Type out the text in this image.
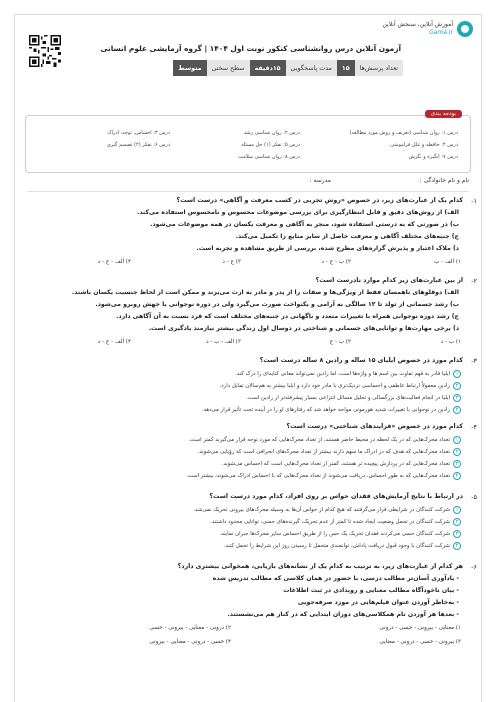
آموزش آنلاین، سنجش آنلاین
Gama.ir
آزمون آنلاین درس روانشناسی کنکور نوبت اول ۱۴۰۴ | گروه آزمایشی علوم انسانی
تعداد پرسش‌ها
۱۵
مدت پاسخگویی
۱۵دقیقه
سطح سختی
متوسط
بودجه بندی
درس ۱: روان شناسی (تعریف و روش مورد مطالعه)
درس ۲: روان شناسی رشد
درس ۳: احساس، توجه، ادراک
درس ۴: حافظه و علل فراموشی
درس ۵: تفکر (۱) حل مسئله
درس ۶: تفکر (۲) تصمیم گیری
درس ۷: انگیزه و نگرش
درس ۸: روان شناسی سلامت
نام و نام خانوادگی :
مدرسه :
۱-
کدام یک از عبارت‌های زیر، در خصوص «روش تجربی در کسب معرفت و آگاهی» درست است؟
الف) از روش‌های دقیق و قابل انتظارگیری برای بررسی موضوعات محسوس و نامحسوس استفاده می‌کند.
ب) در صورتی که به درستی استفاده شود، منجر به آگاهی و معرفت یکسان در همه موضوعات می‌شود.
ج) جنبه‌های مختلف آگاهی و معرفت حاصل از سایر منابع را تکمیل می‌کند.
د) ملاک اعتبار و پذیرش گزاره‌های مطرح شده، بررسی از طریق مشاهده و تجربه است.
۱) الف - ب
۲) ب - ج - د
۳) ج - د
۴) الف - ج - د
۲-
از بین عبارت‌های زیر کدام موارد نادرست است؟
الف) دوقلوهای ناهمسان فقط از ویژگی‌ها و صفات را از پدر و مادر به ارث می‌برند و ممکن است از لحاظ جنسیت یکسان باشند.
ب) رشد جسمانی از تولد تا ۱۲ سالگی به آرامی و یکنواخت صورت می‌گیرد ولی در دوره نوجوانی با جهش روبرو می‌شود.
ج) رشد دوره نوجوانی همراه با تغییرات متعدد و ناگهانی در جنبه‌های مختلف است که فرد نسبت به آن آگاهی دارد.
د) برخی مهارت‌ها و توانایی‌های جسمانی و شناختی در دوسال اول زندگی بیشتر نیازمند یادگیری است.
۱) ب - د
۲) ب - ج
۳) الف - ب - د
۴) الف - ج - د
۳-
کدام مورد در خصوص ایلیای ۱۵ ساله و رادین ۸ ساله درست است؟
۱
ایلیا قادر به فهم تفاوت بین اسم ‌ها و واژه‌ها است، اما رادین نمی‌تواند معانی کنایه‌ای را درک کند.
۲
رادین معمولاً ارتباط عاطفی و احساسی نزدیک‌تری با مادر خود دارد و ایلیا بیشتر به هم‌سالان تمایل دارد.
۳
ایلیا در انجام فعالیت‌های بزرگسالی و تحلیل مسائل انتزاعی بسیار پیشرفته‌تر از رادین است.
۴
رادین در نوجوانی با تغییرات شدید هورمونی مواجه خواهد شد که رفتارهای او را در آینده تحت تأثیر قرار می‌دهد.
۴-
کدام مورد در خصوص «فرایندهای شناختی» درست است؟
۱
تعداد محرک‌هایی که در یک لحظه در محیط حاضر هستند، از تعداد محرک‌هایی که مورد توجه قرار می‌گیرند کمتر است.
۲
تعداد محرک‌هایی که هدف که در ادراک ما سهم دارند بیشتر از تعداد محرک‌های انحرافی است که رؤیایی می‌شوند.
۳
تعداد محرک‌هایی که در پردازش پیچیده تر هستند، کمتر از تعداد محرک‌هایی است که احساس می‌شوند.
۴
تعداد محرک‌هایی که به طور احساس، دریافت می‌شوند از تعداد محرک‌هایی که با احساس ادراک می‌شوند، بیشتر است.
۵-
در ارتباط با نتایج آزمایش‌های فقدان حواس بر روی افراد، کدام مورد درست است؟
۱
شرکت کنندگان در شرایطی قرار می‌گرفتند که هیچ کدام از حواس آن‌ها به وسیله محرک‌های بیرونی تحریک نمی‌شد.
۲
شرکت کنندگان در تحمل وضعیت ایجاد شده تا کمتر از عدم تحریک، گیرنده‌های حسی، توانایی محدود داشتند.
۳
شرکت کنندگان حسی می‌کردند فقدان تحریک یک حس را از طریق احساس سایر محرک‌ها جبران نمایند.
۴
شرکت کنندگان با وجود قبول دریافت پاداش، توانمندی متحمل تا رسیدن روز این شرایط را تحمل کنند.
۶-
هر کدام از عبارت‌های زیر، به ترتیب به کدام یک از نشانه‌های بازیابی، همخوانی بیشتری دارد؟
- یادآوری آسان‌تر مطالب درسی، با حضور در همان کلاسی که مطالب تدریس شده
- بیان ناخودآگاه مطالب معنایی و رویدادی در ثبت اطلاعات
- به‌خاطر آوردن عنوان فیلم‌هایی در مورد صرفه‌جویی
- بعدها هر آوردن نام همکلاسی‌های دوران ابتدایی که در کنار هم می‌نشستند.
۱) معنایی - بیرونی - حسی - درونی
۲) درونی - معنایی - بیرونی - حسی
۳) بیرونی - حسی - درونی - معنایی
۴) حسی - درونی - معنایی - بیرونی
